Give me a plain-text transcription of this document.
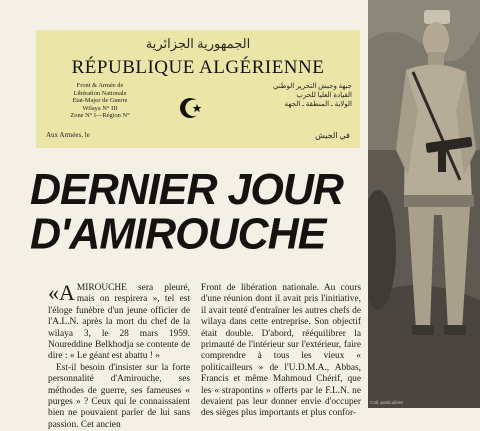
الجمهورية الجزائرية
RÉPUBLIQUE ALGÉRIENNE
Front & Armée de
Libération Nationale
Etat-Major de Guerre
Wilaya N° III
Zone N° I—Région N°
جبهة وجيش التحرير الوطني
القيادة العليا للحرب
الولاية ـ المنطقة ـ الجهة
Aux Armées, le	في الجيش
DERNIER JOUR
D'AMIROUCHE
Coll. particulière

«AMIROUCHE sera pleuré, mais on respirera », tel est l'éloge funèbre d'un jeune officier de l'A.L.N. après la mort du chef de la wilaya 3, le 28 mars 1959. Noureddine Belkhodja se contente de dire : « Le géant est abattu ! »

Est-il besoin d'insister sur la forte personnalité d'Amirouche, ses méthodes de guerre, ses fameuses « purges » ? Ceux qui le connaissaient bien ne pouvaient parler de lui sans passion. Cet ancien

Front de libération nationale. Au cours d'une réunion dont il avait pris l'initiative, il avait tenté d'entraîner les autres chefs de wilaya dans cette entreprise. Son objectif était double. D'abord, rééquilibrer la primauté de l'intérieur sur l'extérieur, faire comprendre à tous les vieux « politicailleurs » de l'U.D.M.A., Abbas, Francis et même Mahmoud Chérif, que les « strapontins » offerts par le F.L.N. ne devaient pas leur donner envie d'occuper des sièges plus importants et plus confor-
